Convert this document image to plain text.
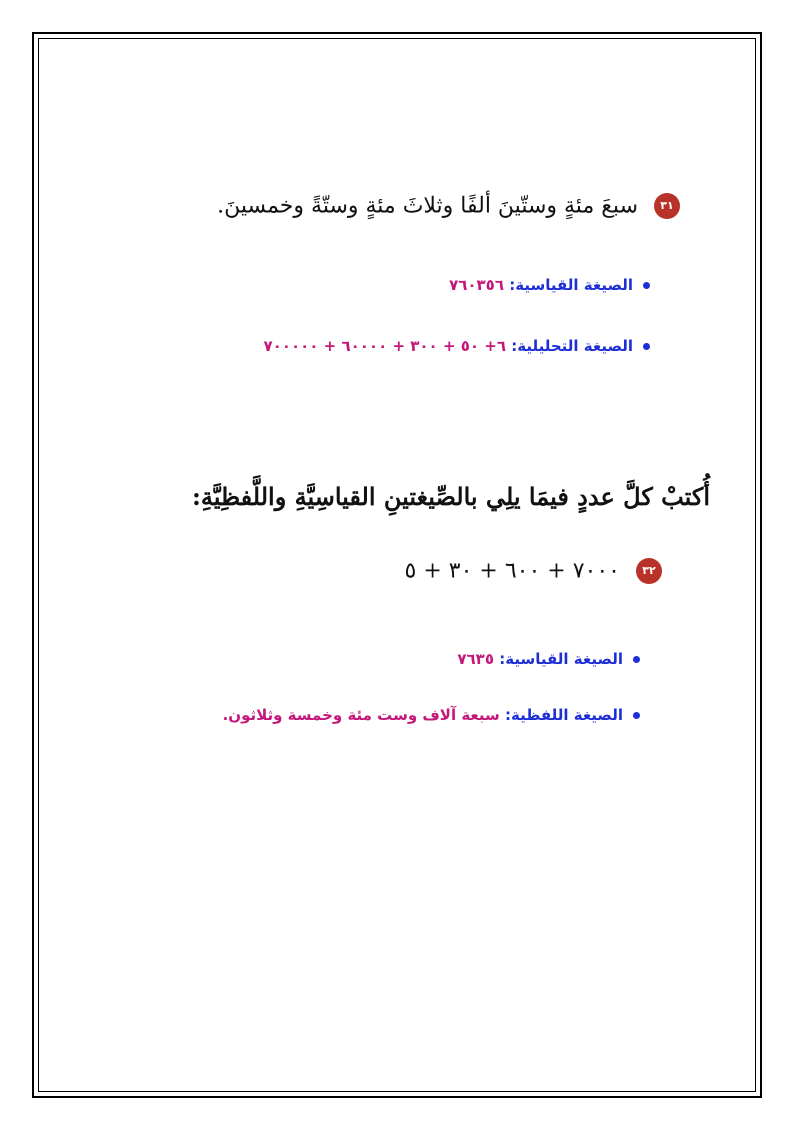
٣١سبعَ مئةٍ وستّينَ ألفًا وثلاثَ مئةٍ وستّةً وخمسينَ.
الصيغة القياسية: ٧٦٠٣٥٦
الصيغة التحليلية: ٦+ ٥٠ + ٣٠٠ + ٦٠٠٠٠ + ٧٠٠٠٠٠
أُكتبْ كلَّ عددٍ فيمَا يلِي بالصِّيغتينِ القياسِيَّةِ واللَّفظِيَّةِ:
٣٢٧٠٠٠ + ٦٠٠ + ٣٠ + ٥
الصيغة القياسية: ٧٦٣٥
الصيغة اللفظية: سبعة آلاف وست مئة وخمسة وثلاثون.
